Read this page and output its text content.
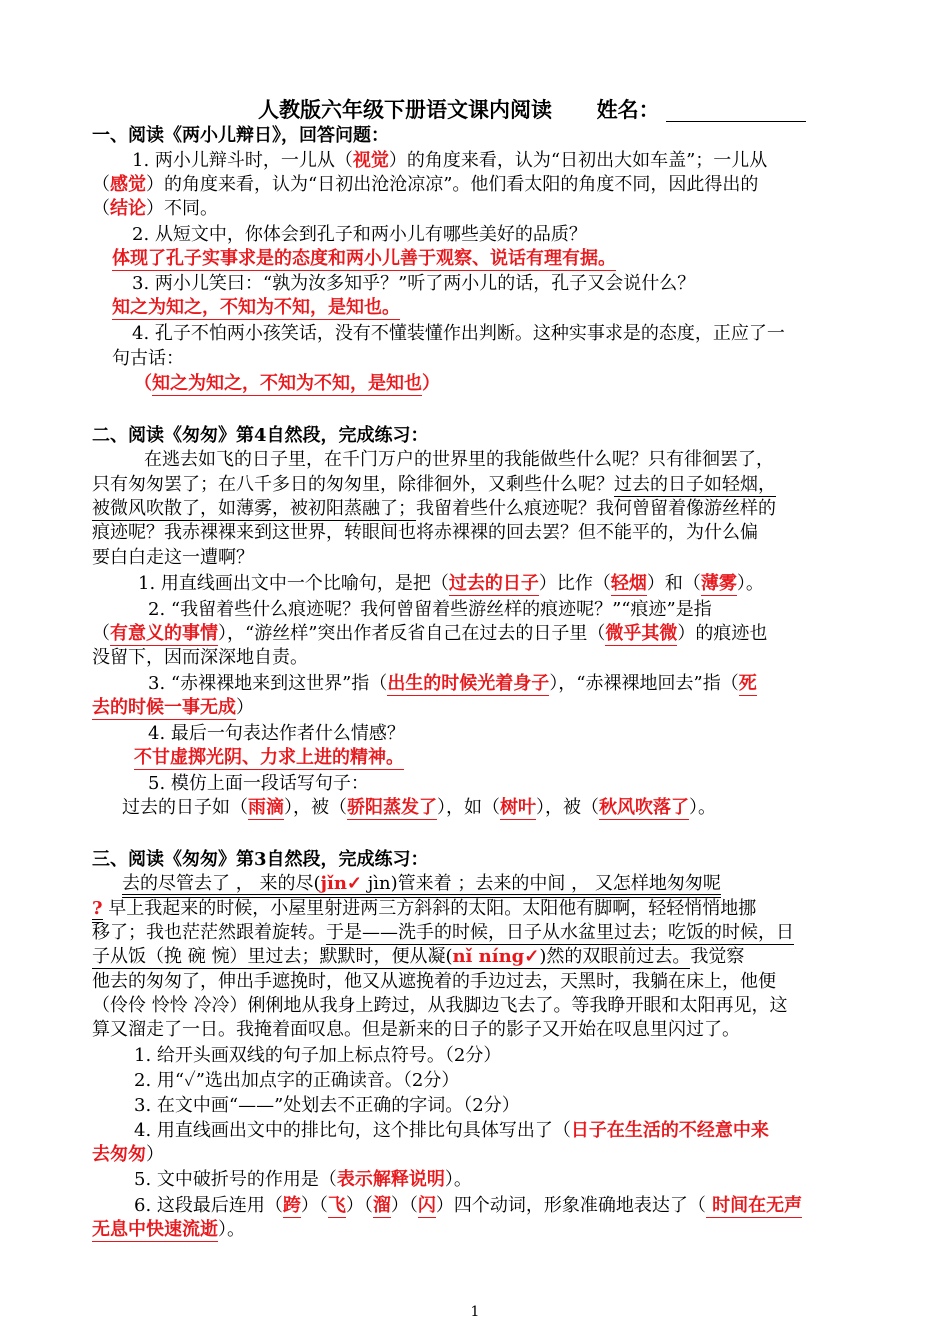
人教版六年级下册语文课内阅读 姓名：
一、阅读《两小儿辩日》，回答问题：
1. 两小儿辩斗时，一儿从（视觉）的角度来看，认为“日初出大如车盖”；一儿从
（感觉）的角度来看，认为“日初出沧沧凉凉”。他们看太阳的角度不同，因此得出的
（结论）不同。
2. 从短文中，你体会到孔子和两小儿有哪些美好的品质？
体现了孔子实事求是的态度和两小儿善于观察、说话有理有据。
3. 两小儿笑曰：“孰为汝多知乎？”听了两小儿的话，孔子又会说什么？
知之为知之，不知为不知，是知也。
4. 孔子不怕两小孩笑话，没有不懂装懂作出判断。这种实事求是的态度，正应了一
句古话：
（知之为知之，不知为不知，是知也）
二、阅读《匆匆》第4自然段，完成练习：
在逃去如飞的日子里，在千门万户的世界里的我能做些什么呢？只有徘徊罢了，
只有匆匆罢了；在八千多日的匆匆里，除徘徊外，又剩些什么呢？过去的日子如轻烟，
被微风吹散了，如薄雾，被初阳蒸融了；我留着些什么痕迹呢？我何曾留着像游丝样的
痕迹呢？我赤裸裸来到这世界，转眼间也将赤裸裸的回去罢？但不能平的，为什么偏
要白白走这一遭啊？
1. 用直线画出文中一个比喻句，是把（过去的日子）比作（轻烟）和（薄雾）。
2. “我留着些什么痕迹呢？我何曾留着些游丝样的痕迹呢？”“痕迹”是指
（有意义的事情），“游丝样”突出作者反省自己在过去的日子里（微乎其微）的痕迹也
没留下，因而深深地自责。
3. “赤裸裸地来到这世界”指（出生的时候光着身子），“赤裸裸地回去”指（死
去的时候一事无成）
4. 最后一句表达作者什么情感？
不甘虚掷光阴、力求上进的精神。
5. 模仿上面一段话写句子：
过去的日子如（雨滴），被（骄阳蒸发了），如（树叶），被（秋风吹落了）。
三、阅读《匆匆》第3自然段，完成练习：
去的尽管去了 ， 来的尽(jǐn✓ jìn)管来着 ；去来的中间 ， 又怎样地匆匆呢
? 早上我起来的时候，小屋里射进两三方斜斜的太阳。太阳他有脚啊，轻轻悄悄地挪
移了；我也茫茫然跟着旋转。于是——洗手的时候，日子从水盆里过去；吃饭的时候，日
子从饭（挽 碗 惋）里过去；默默时，便从凝(nǐ níng✓)然的双眼前过去。我觉察
他去的匆匆了，伸出手遮挽时，他又从遮挽着的手边过去，天黑时，我躺在床上，他便
（伶伶 怜怜 冷冷）俐俐地从我身上跨过，从我脚边飞去了。等我睁开眼和太阳再见，这
算又溜走了一日。我掩着面叹息。但是新来的日子的影子又开始在叹息里闪过了。
1. 给开头画双线的句子加上标点符号。（2分）
2. 用“✓”选出加点字的正确读音。（2分）
3. 在文中画“——”处划去不正确的字词。（2分）
4. 用直线画出文中的排比句，这个排比句具体写出了（日子在生活的不经意中来
去匆匆）
5. 文中破折号的作用是（表示解释说明）。
6. 这段最后连用（跨）（飞）（溜）（闪）四个动词，形象准确地表达了（ 时间在无声
无息中快速流逝）。
1
